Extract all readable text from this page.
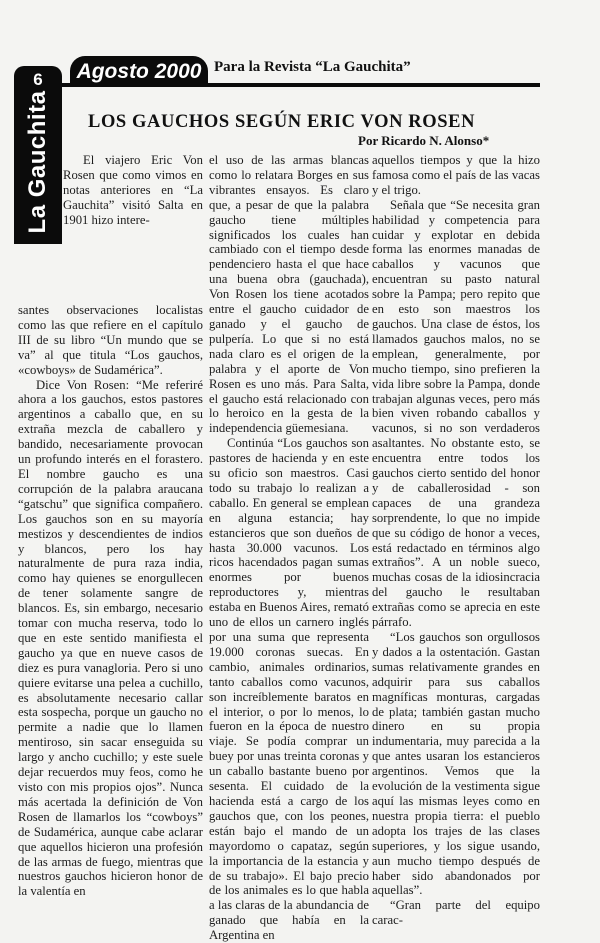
6
La Gauchita
Agosto 2000 Para la Revista “La Gauchita”
LOS GAUCHOS SEGÚN ERIC VON ROSEN
Por Ricardo N. Alonso*

El viajero Eric Von Rosen que como vimos en notas anteriores en “La Gauchita” visitó Salta en 1901 hizo intere-

santes observaciones localistas como las que refiere en el capítulo III de su libro “Un mundo que se va” al que titula “Los gauchos, «cowboys» de Sudamérica”.

Dice Von Rosen: “Me referiré ahora a los gauchos, estos pastores argentinos a caballo que, en su extraña mezcla de caballero y bandido, necesariamente provocan un profundo interés en el forastero. El nombre gaucho es una corrupción de la palabra araucana “gatschu” que significa compañero. Los gauchos son en su mayoría mestizos y descendientes de indios y blancos, pero los hay naturalmente de pura raza india, como hay quienes se enorgullecen de tener solamente sangre de blancos. Es, sin embargo, necesario tomar con mucha reserva, todo lo que en este sentido manifiesta el gaucho ya que en nueve casos de diez es pura vanagloria. Pero si uno quiere evitarse una pelea a cuchillo, es absolutamente necesario callar esta sospecha, porque un gaucho no permite a nadie que lo llamen mentiroso, sin sacar enseguida su largo y ancho cuchillo; y este suele dejar recuerdos muy feos, como he visto con mis propios ojos”. Nunca más acertada la definición de Von Rosen de llamarlos los “cowboys” de Sudamérica, aunque cabe aclarar que aquellos hicieron una profesión de las armas de fuego, mientras que nuestros gauchos hicieron honor de la valentía en

el uso de las armas blancas como lo relatara Borges en sus vibrantes ensayos. Es claro que, a pesar de que la palabra gaucho tiene múltiples significados los cuales han cambiado con el tiempo desde pendenciero hasta el que hace una buena obra (gauchada), Von Rosen los tiene acotados entre el gaucho cuidador de ganado y el gaucho de pulpería. Lo que si no está nada claro es el origen de la palabra y el aporte de Von Rosen es uno más. Para Salta, el gaucho está relacionado con lo heroico en la gesta de la independencia güemesiana.

Continúa “Los gauchos son pastores de hacienda y en este su oficio son maestros. Casi todo su trabajo lo realizan a caballo. En general se emplean en alguna estancia; hay estancieros que son dueños de hasta 30.000 vacunos. Los ricos hacendados pagan sumas enormes por buenos reproductores y, mientras estaba en Buenos Aires, remató uno de ellos un carnero inglés por una suma que representa 19.000 coronas suecas. En cambio, animales ordinarios, tanto caballos como vacunos, son increíblemente baratos en el interior, o por lo menos, lo fueron en la época de nuestro viaje. Se podía comprar un buey por unas treinta coronas y un caballo bastante bueno por sesenta. El cuidado de la hacienda está a cargo de los gauchos que, con los peones, están bajo el mando de un mayordomo o capataz, según la importancia de la estancia y de su trabajo». El bajo precio de los animales es lo que habla a las claras de la abundancia de ganado que había en la Argentina en

aquellos tiempos y que la hizo famosa como el país de las vacas y el trigo.

Señala que “Se necesita gran habilidad y competencia para cuidar y explotar en debida forma las enormes manadas de caballos y vacunos que encuentran su pasto natural sobre la Pampa; pero repito que en esto son maestros los gauchos. Una clase de éstos, los llamados gauchos malos, no se emplean, generalmente, por mucho tiempo, sino prefieren la vida libre sobre la Pampa, donde trabajan algunas veces, pero más bien viven robando caballos y vacunos, si no son verdaderos asaltantes. No obstante esto, se encuentra entre todos los gauchos cierto sentido del honor y de caballerosidad - son capaces de una grandeza sorprendente, lo que no impide que su código de honor a veces, está redactado en términos algo extraños”. A un noble sueco, muchas cosas de la idiosincracia del gaucho le resultaban extrañas como se aprecia en este párrafo.

“Los gauchos son orgullosos y dados a la ostentación. Gastan sumas relativamente grandes en adquirir para sus caballos magníficas monturas, cargadas de plata; también gastan mucho dinero en su propia indumentaria, muy parecida a la que antes usaran los estancieros argentinos. Vemos que la evolución de la vestimenta sigue aquí las mismas leyes como en nuestra propia tierra: el pueblo adopta los trajes de las clases superiores, y los sigue usando, aun mucho tiempo después de haber sido abandonados por aquellas”.

“Gran parte del equipo carac-
